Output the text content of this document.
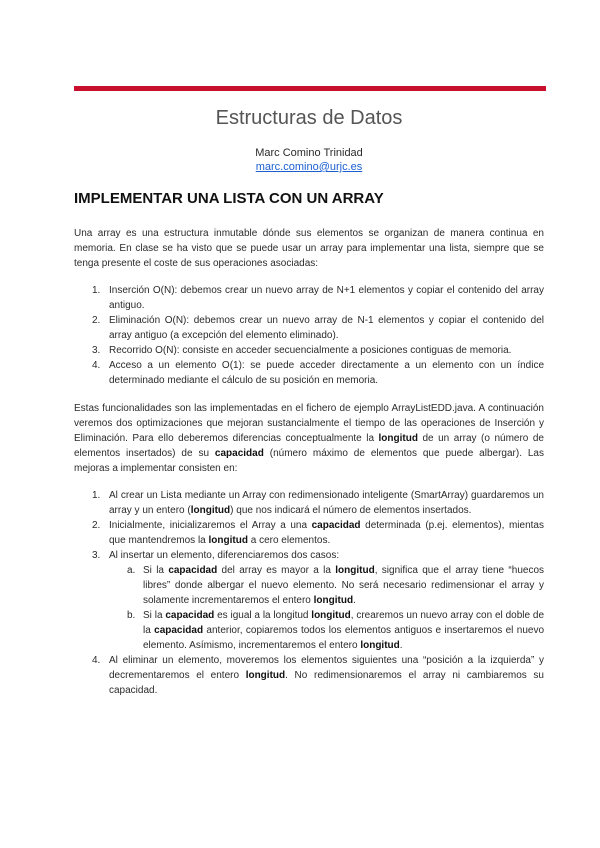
Estructuras de Datos
Marc Comino Trinidad
marc.comino@urjc.es
IMPLEMENTAR UNA LISTA CON UN ARRAY

Una array es una estructura inmutable dónde sus elementos se organizan de manera continua en memoria. En clase se ha visto que se puede usar un array para implementar una lista, siempre que se tenga presente el coste de sus operaciones asociadas:

1. Inserción O(N): debemos crear un nuevo array de N+1 elementos y copiar el contenido del array antiguo.
2. Eliminación O(N): debemos crear un nuevo array de N-1 elementos y copiar el contenido del array antiguo (a excepción del elemento eliminado).
3. Recorrido O(N): consiste en acceder secuencialmente a posiciones contiguas de memoria.
4. Acceso a un elemento O(1): se puede acceder directamente a un elemento con un índice determinado mediante el cálculo de su posición en memoria.

Estas funcionalidades son las implementadas en el fichero de ejemplo ArrayListEDD.java. A continuación veremos dos optimizaciones que mejoran sustancialmente el tiempo de las operaciones de Inserción y Eliminación. Para ello deberemos diferencias conceptualmente la longitud de un array (o número de elementos insertados) de su capacidad (número máximo de elementos que puede albergar). Las mejoras a implementar consisten en:

1. Al crear un Lista mediante un Array con redimensionado inteligente (SmartArray) guardaremos un array y un entero (longitud) que nos indicará el número de elementos insertados.
2. Inicialmente, inicializaremos el Array a una capacidad determinada (p.ej. elementos), mientas que mantendremos la longitud a cero elementos.
3. Al insertar un elemento, diferenciaremos dos casos:
a. Si la capacidad del array es mayor a la longitud, significa que el array tiene “huecos libres” donde albergar el nuevo elemento. No será necesario redimensionar el array y solamente incrementaremos el entero longitud.
b. Si la capacidad es igual a la longitud longitud, crearemos un nuevo array con el doble de la capacidad anterior, copiaremos todos los elementos antiguos e insertaremos el nuevo elemento. Asímismo, incrementaremos el entero longitud.
4. Al eliminar un elemento, moveremos los elementos siguientes una “posición a la izquierda” y decrementaremos el entero longitud. No redimensionaremos el array ni cambiaremos su capacidad.
